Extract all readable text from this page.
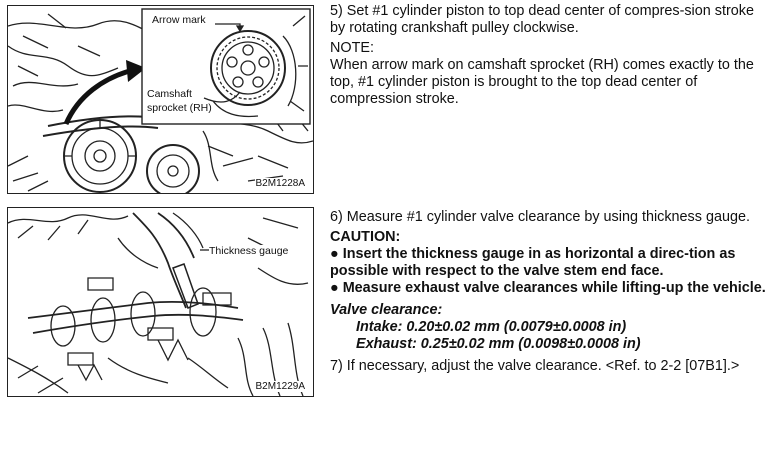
Arrow mark
Camshaft
sprocket (RH)
B2M1228A
Thickness gauge
B2M1229A

5) Set #1 cylinder piston to top dead center of compres-sion stroke by rotating crankshaft pulley clockwise.

NOTE:

When arrow mark on camshaft sprocket (RH) comes exactly to the top, #1 cylinder piston is brought to the top dead center of compression stroke.

6) Measure #1 cylinder valve clearance by using thickness gauge.

CAUTION:

● Insert the thickness gauge in as horizontal a direc-tion as possible with respect to the valve stem end face.

● Measure exhaust valve clearances while lifting-up the vehicle.

Valve clearance:

Intake: 0.20±0.02 mm (0.0079±0.0008 in)

Exhaust: 0.25±0.02 mm (0.0098±0.0008 in)

7) If necessary, adjust the valve clearance. <Ref. to 2-2 [07B1].>
